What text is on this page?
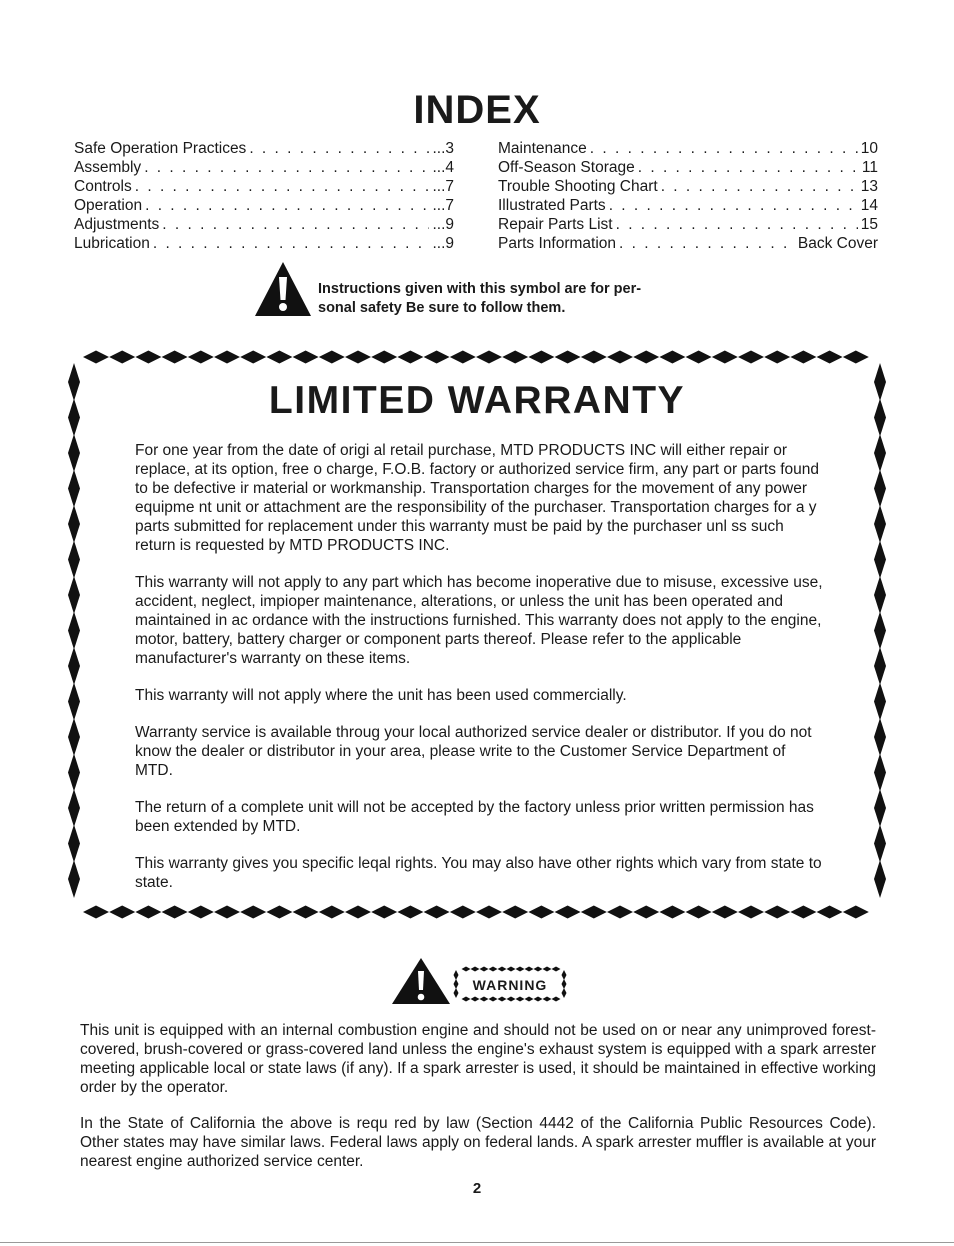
INDEX
Safe Operation Practices . . .	...3
Assembly . . .	...4
Controls . . .	...7
Operation . . .	...7
Adjustments . . .	...9
Lubrication . . .	...9
Maintenance . . .	10
Off-Season Storage . . .	11
Trouble Shooting Chart . . .	13
Illustrated Parts . . .	14
Repair Parts List . . .	15
Parts Information . . .	Back Cover
Instructions given with this symbol are for per-
sonal safety Be sure to follow them.
LIMITED WARRANTY

For one year from the date of origi al retail purchase, MTD PRODUCTS INC will either repair or replace, at its option, free o charge, F.O.B. factory or authorized service firm, any part or parts found to be defective ir material or workmanship. Transportation charges for the movement of any power equipme nt unit or attachment are the responsibility of the purchaser. Transportation charges for a y parts submitted for replacement under this warranty must be paid by the purchaser unl ss such return is requested by MTD PRODUCTS INC.

This warranty will not apply to any part which has become inoperative due to misuse, excessive use, accident, neglect, impioper maintenance, alterations, or unless the unit has been operated and maintained in ac ordance with the instructions furnished. This warranty does not apply to the engine, motor, battery, battery charger or component parts thereof. Please refer to the applicable manufacturer's warranty on these items.

This warranty will not apply where the unit has been used commercially.

Warranty service is available throug your local authorized service dealer or distributor. If you do not know the dealer or distributor in your area, please write to the Customer Service Department of MTD.

The return of a complete unit will not be accepted by the factory unless prior written permission has been extended by MTD.

This warranty gives you specific leqal rights. You may also have other rights which vary from state to state.

WARNING

This unit is equipped with an internal combustion engine and should not be used on or near any unimproved forest-covered, brush-covered or grass-covered land unless the engine's exhaust system is equipped with a spark arrester meeting applicable local or state laws (if any). If a spark arrester is used, it should be maintained in effective working order by the operator.

In the State of California the above is requ red by law (Section 4442 of the California Public Resources Code). Other states may have similar laws. Federal laws apply on federal lands. A spark arrester muffler is available at your nearest engine authorized service center.

2
